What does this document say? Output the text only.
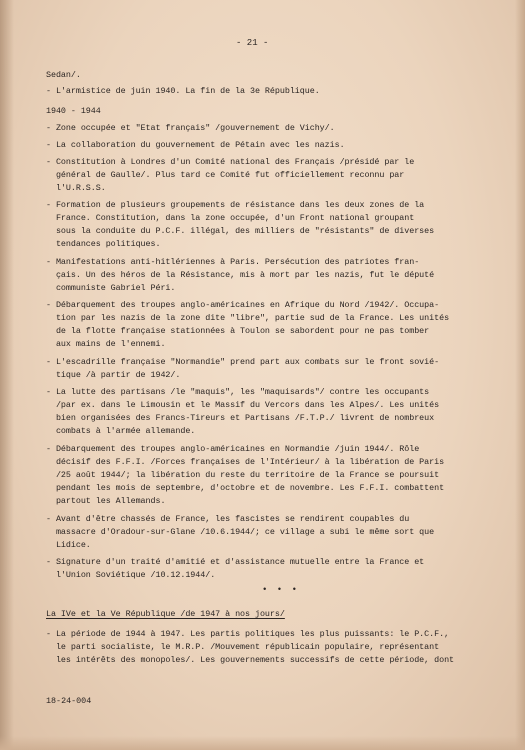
- 21 -
Sedan/.
- L'armistice de juin 1940. La fin de la 3e République.
1940 - 1944
- Zone occupée et "Etat français" /gouvernement de Vichy/.
- La collaboration du gouvernement de Pétain avec les nazis.
- Constitution à Londres d'un Comité national des Français /présidé par le
général de Gaulle/. Plus tard ce Comité fut officiellement reconnu par
l'U.R.S.S.
- Formation de plusieurs groupements de résistance dans les deux zones de la
France. Constitution, dans la zone occupée, d'un Front national groupant
sous la conduite du P.C.F. illégal, des milliers de "résistants" de diverses
tendances politiques.
- Manifestations anti-hitlériennes à Paris. Persécution des patriotes fran-
çais. Un des héros de la Résistance, mis à mort par les nazis, fut le député
communiste Gabriel Péri.
- Débarquement des troupes anglo-américaines en Afrique du Nord /1942/. Occupa-
tion par les nazis de la zone dite "libre", partie sud de la France. Les unités
de la flotte française stationnées à Toulon se sabordent pour ne pas tomber
aux mains de l'ennemi.
- L'escadrille française "Normandie" prend part aux combats sur le front sovié-
tique /à partir de 1942/.
- La lutte des partisans /le "maquis", les "maquisards"/ contre les occupants
/par ex. dans le Limousin et le Massif du Vercors dans les Alpes/. Les unités
bien organisées des Francs-Tireurs et Partisans /F.T.P./ livrent de nombreux
combats à l'armée allemande.
- Débarquement des troupes anglo-américaines en Normandie /juin 1944/. Rôle
décisif des F.F.I. /Forces françaises de l'Intérieur/ à la libération de Paris
/25 août 1944/; la libération du reste du territoire de la France se poursuit
pendant les mois de septembre, d'octobre et de novembre. Les F.F.I. combattent
partout les Allemands.
- Avant d'être chassés de France, les fascistes se rendirent coupables du
massacre d'Oradour-sur-Glane /10.6.1944/; ce village a subi le même sort que
Lidice.
- Signature d'un traité d'amitié et d'assistance mutuelle entre la France et
l'Union Soviétique /10.12.1944/.
La IVe et la Ve République /de 1947 à nos jours/
- La période de 1944 à 1947. Les partis politiques les plus puissants: le P.C.F.,
le parti socialiste, le M.R.P. /Mouvement républicain populaire, représentant
les intérêts des monopoles/. Les gouvernements successifs de cette période, dont
• • •
18-24-004
